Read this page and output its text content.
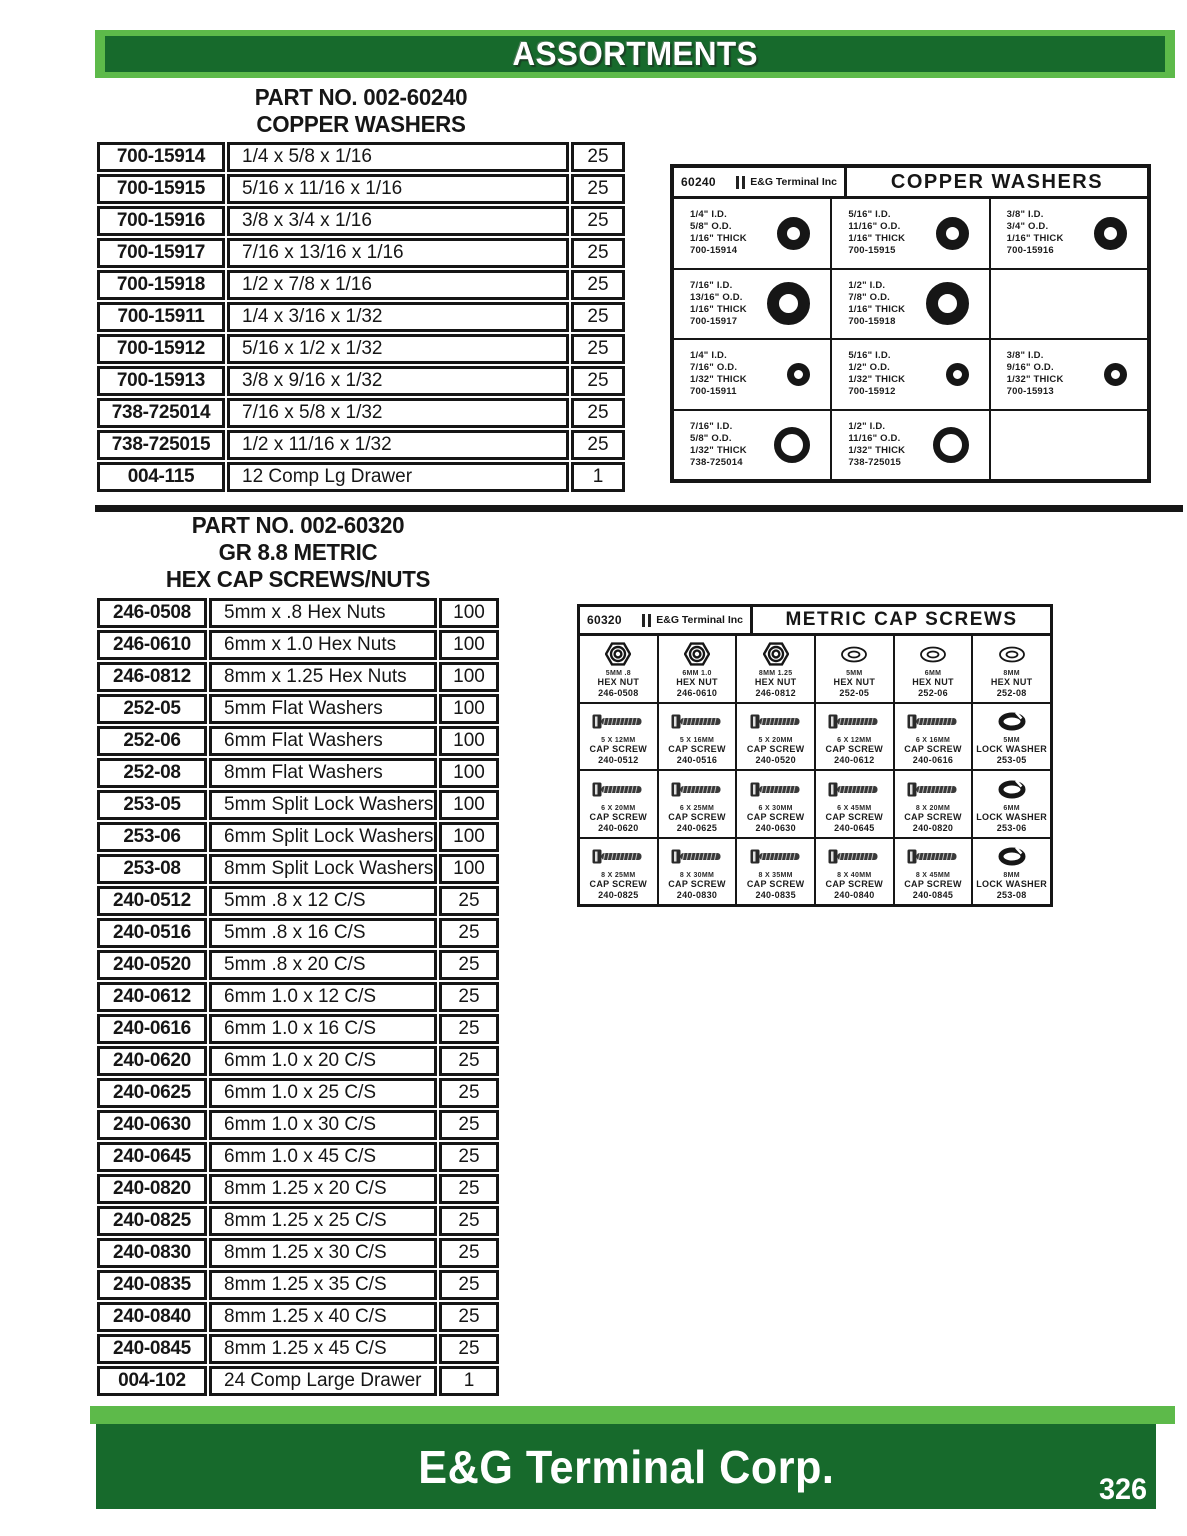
ASSORTMENTS
PART NO. 002-60240
COPPER WASHERS
700-15914	1/4 x 5/8 x 1/16	25
700-15915	5/16 x 11/16 x 1/16	25
700-15916	3/8 x 3/4 x 1/16	25
700-15917	7/16 x 13/16 x 1/16	25
700-15918	1/2 x 7/8 x 1/16	25
700-15911	1/4 x 3/16 x 1/32	25
700-15912	5/16 x 1/2 x 1/32	25
700-15913	3/8 x 9/16 x 1/32	25
738-725014	7/16 x 5/8 x 1/32	25
738-725015	1/2 x 11/16 x 1/32	25
004-115	12 Comp Lg Drawer	1
60240	E&G Terminal Inc	COPPER WASHERS
1/4" I.D.
5/8" O.D.
1/16" THICK
700-15914
5/16" I.D.
11/16" O.D.
1/16" THICK
700-15915
3/8" I.D.
3/4" O.D.
1/16" THICK
700-15916
7/16" I.D.
13/16" O.D.
1/16" THICK
700-15917
1/2" I.D.
7/8" O.D.
1/16" THICK
700-15918
1/4" I.D.
7/16" O.D.
1/32" THICK
700-15911
5/16" I.D.
1/2" O.D.
1/32" THICK
700-15912
3/8" I.D.
9/16" O.D.
1/32" THICK
700-15913
7/16" I.D.
5/8" O.D.
1/32" THICK
738-725014
1/2" I.D.
11/16" O.D.
1/32" THICK
738-725015
PART NO. 002-60320
GR 8.8 METRIC
HEX CAP SCREWS/NUTS
246-0508	5mm x .8 Hex Nuts	100
246-0610	6mm x 1.0 Hex Nuts	100
246-0812	8mm x 1.25 Hex Nuts	100
252-05	5mm Flat Washers	100
252-06	6mm Flat Washers	100
252-08	8mm Flat Washers	100
253-05	5mm Split Lock Washers	100
253-06	6mm Split Lock Washers	100
253-08	8mm Split Lock Washers	100
240-0512	5mm .8 x 12 C/S	25
240-0516	5mm .8 x 16 C/S	25
240-0520	5mm .8 x 20 C/S	25
240-0612	6mm 1.0 x 12 C/S	25
240-0616	6mm 1.0 x 16 C/S	25
240-0620	6mm 1.0 x 20 C/S	25
240-0625	6mm 1.0 x 25 C/S	25
240-0630	6mm 1.0 x 30 C/S	25
240-0645	6mm 1.0 x 45 C/S	25
240-0820	8mm 1.25 x 20 C/S	25
240-0825	8mm 1.25 x 25 C/S	25
240-0830	8mm 1.25 x 30 C/S	25
240-0835	8mm 1.25 x 35 C/S	25
240-0840	8mm 1.25 x 40 C/S	25
240-0845	8mm 1.25 x 45 C/S	25
004-102	24 Comp Large Drawer	1
60320	E&G Terminal Inc	METRIC CAP SCREWS
5MM .8
HEX NUT
246-0508
6MM 1.0
HEX NUT
246-0610
8MM 1.25
HEX NUT
246-0812
5MM
HEX NUT
252-05
6MM
HEX NUT
252-06
8MM
HEX NUT
252-08
5 X 12MM
CAP SCREW
240-0512
5 X 16MM
CAP SCREW
240-0516
5 X 20MM
CAP SCREW
240-0520
6 X 12MM
CAP SCREW
240-0612
6 X 16MM
CAP SCREW
240-0616
5MM
LOCK WASHER
253-05
6 X 20MM
CAP SCREW
240-0620
6 X 25MM
CAP SCREW
240-0625
6 X 30MM
CAP SCREW
240-0630
6 X 45MM
CAP SCREW
240-0645
8 X 20MM
CAP SCREW
240-0820
6MM
LOCK WASHER
253-06
8 X 25MM
CAP SCREW
240-0825
8 X 30MM
CAP SCREW
240-0830
8 X 35MM
CAP SCREW
240-0835
8 X 40MM
CAP SCREW
240-0840
8 X 45MM
CAP SCREW
240-0845
8MM
LOCK WASHER
253-08
E&G Terminal Corp.	326
